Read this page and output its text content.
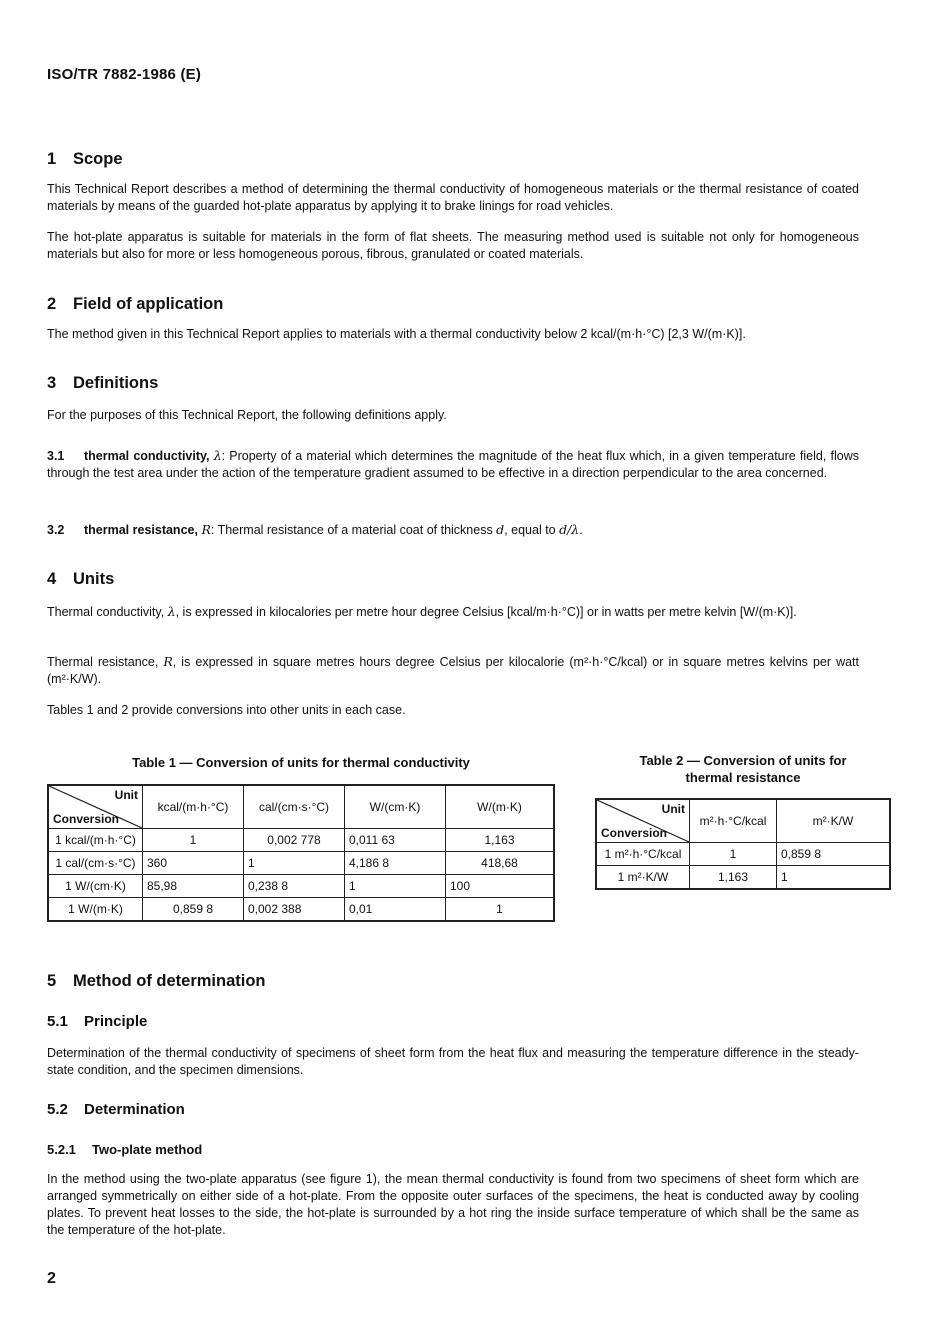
ISO/TR 7882-1986 (E)
1 Scope
This Technical Report describes a method of determining the thermal conductivity of homogeneous materials or the thermal resistance of coated materials by means of the guarded hot-plate apparatus by applying it to brake linings for road vehicles.
The hot-plate apparatus is suitable for materials in the form of flat sheets. The measuring method used is suitable not only for homogeneous materials but also for more or less homogeneous porous, fibrous, granulated or coated materials.
2 Field of application
The method given in this Technical Report applies to materials with a thermal conductivity below 2 kcal/(m·h·°C) [2,3 W/(m·K)].
3 Definitions
For the purposes of this Technical Report, the following definitions apply.
3.1 thermal conductivity, λ: Property of a material which determines the magnitude of the heat flux which, in a given temperature field, flows through the test area under the action of the temperature gradient assumed to be effective in a direction perpendicular to the area concerned.
3.2 thermal resistance, R: Thermal resistance of a material coat of thickness d, equal to d/λ.
4 Units
Thermal conductivity, λ, is expressed in kilocalories per metre hour degree Celsius [kcal/m·h·°C)] or in watts per metre kelvin [W/(m·K)].
Thermal resistance, R, is expressed in square metres hours degree Celsius per kilocalorie (m²·h·°C/kcal) or in square metres kelvins per watt (m²·K/W).
Tables 1 and 2 provide conversions into other units in each case.
Table 1 — Conversion of units for thermal conductivity
Unit
Conversion	kcal/(m·h·°C)	cal/(cm·s·°C)	W/(cm·K)	W/(m·K)
1 kcal/(m·h·°C)	1	0,002 778	0,011 63	1,163
1 cal/(cm·s·°C)	360	1	4,186 8	418,68
1 W/(cm·K)	85,98	0,238 8	1	100
1 W/(m·K)	0,859 8	0,002 388	0,01	1
Table 2 — Conversion of units for
thermal resistance
Unit
Conversion	m²·h·°C/kcal	m²·K/W
1 m²·h·°C/kcal	1	0,859 8
1 m²·K/W	1,163	1
5 Method of determination
5.1 Principle
Determination of the thermal conductivity of specimens of sheet form from the heat flux and measuring the temperature difference in the steady-state condition, and the specimen dimensions.
5.2 Determination
5.2.1 Two-plate method
In the method using the two-plate apparatus (see figure 1), the mean thermal conductivity is found from two specimens of sheet form which are arranged symmetrically on either side of a hot-plate. From the opposite outer surfaces of the specimens, the heat is conducted away by cooling plates. To prevent heat losses to the side, the hot-plate is surrounded by a hot ring the inside surface temperature of which shall be the same as the temperature of the hot-plate.
2
